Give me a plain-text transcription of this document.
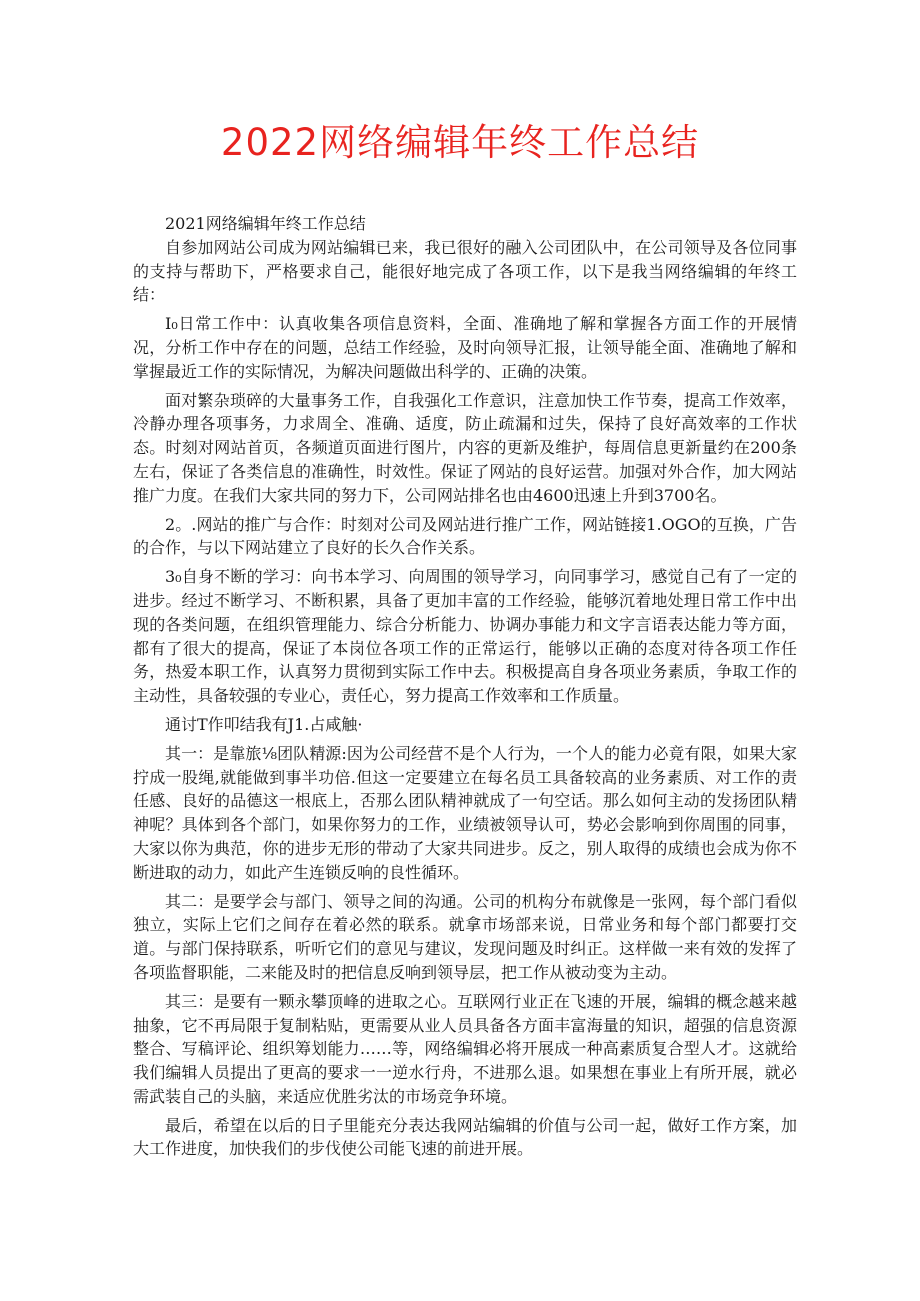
2022网络编辑年终工作总结

2021网络编辑年终工作总结

自参加网站公司成为网站编辑已来，我已很好的融入公司团队中，在公司领导及各位同事的支持与帮助下，严格要求自己，能很好地完成了各项工作，以下是我当网络编辑的年终工结：

I₀日常工作中：认真收集各项信息资料，全面、准确地了解和掌握各方面工作的开展情况，分析工作中存在的问题，总结工作经验，及时向领导汇报，让领导能全面、准确地了解和掌握最近工作的实际情况，为解决问题做出科学的、正确的决策。

面对繁杂琐碎的大量事务工作，自我强化工作意识，注意加快工作节奏，提高工作效率，冷静办理各项事务，力求周全、准确、适度，防止疏漏和过失，保持了良好高效率的工作状态。时刻对网站首页，各频道页面进行图片，内容的更新及维护，每周信息更新量约在200条左右，保证了各类信息的准确性，时效性。保证了网站的良好运营。加强对外合作，加大网站推广力度。在我们大家共同的努力下，公司网站排名也由4600迅速上升到3700名。

2。.网站的推广与合作：时刻对公司及网站进行推广工作，网站链接1.OGO的互换，广告的合作，与以下网站建立了良好的长久合作关系。

3₀自身不断的学习：向书本学习、向周围的领导学习，向同事学习，感觉自己有了一定的进步。经过不断学习、不断积累，具备了更加丰富的工作经验，能够沉着地处理日常工作中出现的各类问题，在组织管理能力、综合分析能力、协调办事能力和文字言语表达能力等方面，都有了很大的提高，保证了本岗位各项工作的正常运行，能够以正确的态度对待各项工作任务，热爱本职工作，认真努力贯彻到实际工作中去。积极提高自身各项业务素质，争取工作的主动性，具备较强的专业心，责任心，努力提高工作效率和工作质量。

通讨T作叩结我有J1.占咸触·

其一：是靠旅⅛团队精源:因为公司经营不是个人行为，一个人的能力必竟有限，如果大家拧成一股绳,就能做到事半功倍.但这一定要建立在每名员工具备较高的业务素质、对工作的责任感、良好的品德这一根底上，否那么团队精神就成了一句空话。那么如何主动的发扬团队精神呢？具体到各个部门，如果你努力的工作，业绩被领导认可，势必会影响到你周围的同事，大家以你为典范，你的进步无形的带动了大家共同进步。反之，别人取得的成绩也会成为你不断进取的动力，如此产生连锁反响的良性循环。

其二：是要学会与部门、领导之间的沟通。公司的机构分布就像是一张网，每个部门看似独立，实际上它们之间存在着必然的联系。就拿市场部来说，日常业务和每个部门都要打交道。与部门保持联系，听听它们的意见与建议，发现问题及时纠正。这样做一来有效的发挥了各项监督职能，二来能及时的把信息反响到领导层，把工作从被动变为主动。

其三：是要有一颗永攀顶峰的进取之心。互联网行业正在飞速的开展，编辑的概念越来越抽象，它不再局限于复制粘贴，更需要从业人员具备各方面丰富海量的知识，超强的信息资源整合、写稿评论、组织筹划能力……等，网络编辑必将开展成一种高素质复合型人才。这就给我们编辑人员提出了更高的要求一一逆水行舟，不进那么退。如果想在事业上有所开展，就必需武装自己的头脑，来适应优胜劣汰的市场竞争环境。

最后，希望在以后的日子里能充分表达我网站编辑的价值与公司一起，做好工作方案，加大工作进度，加快我们的步伐使公司能飞速的前进开展。
